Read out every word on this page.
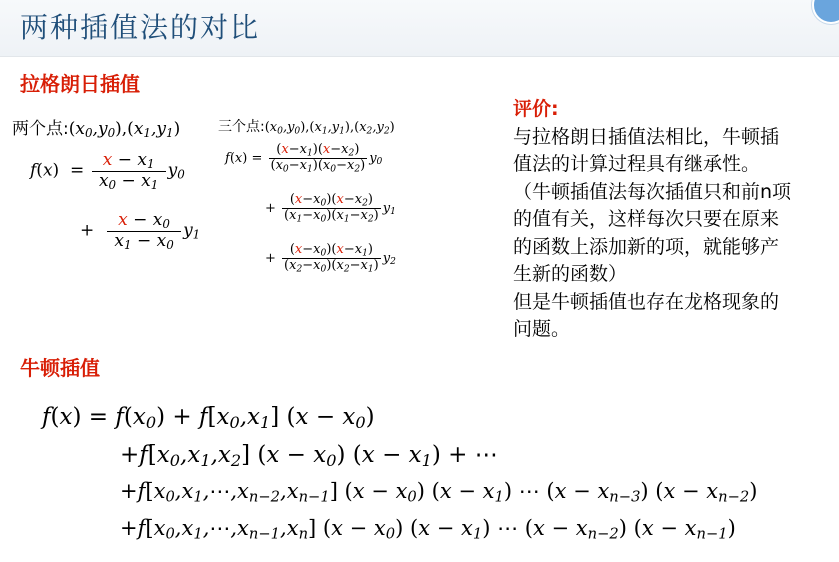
两种插值法的对比
拉格朗日插值
两个点$:(x_0,y_0),(x_1,y_1)$
$f(x) = \frac{x - x_1}{x_0 - x_1} y_0$
+ $\frac{x - x_0}{x_1 - x_0} y_1$
三个点$:(x_0,y_0),(x_1,y_1),(x_2,y_2)$
$f(x) = \frac{(x-x_1)(x-x_2)}{(x_0-x_1)(x_0-x_2)} y_0$
+ $\frac{(x-x_0)(x-x_2)}{(x_1-x_0)(x_1-x_2)} y_1$
+ $\frac{(x-x_0)(x-x_1)}{(x_2-x_0)(x_2-x_1)} y_2$
评价:

与拉格朗日插值法相比，牛顿插

值法的计算过程具有继承性。

（牛顿插值法每次插值只和前n项

的值有关，这样每次只要在原来

的函数上添加新的项，就能够产

生新的函数）

但是牛顿插值也存在龙格现象的

问题。

牛顿插值
$f(x) = f(x_0) + f[x_0,x_1] (x - x_0)$
$+f[x_0,x_1,x_2] (x - x_0) (x - x_1)$ + ⋯
$+f[x_0,x_1,\cdots,x_{n-2},x_{n-1}] (x - x_0) (x - x_1)$ ⋯ $(x - x_{n-3})$ $(x - x_{n-2})$
$+f[x_0,x_1,\cdots,x_{n-1},x_n] (x - x_0) (x - x_1)$ ⋯ $(x - x_{n-2})$ $(x - x_{n-1})$
